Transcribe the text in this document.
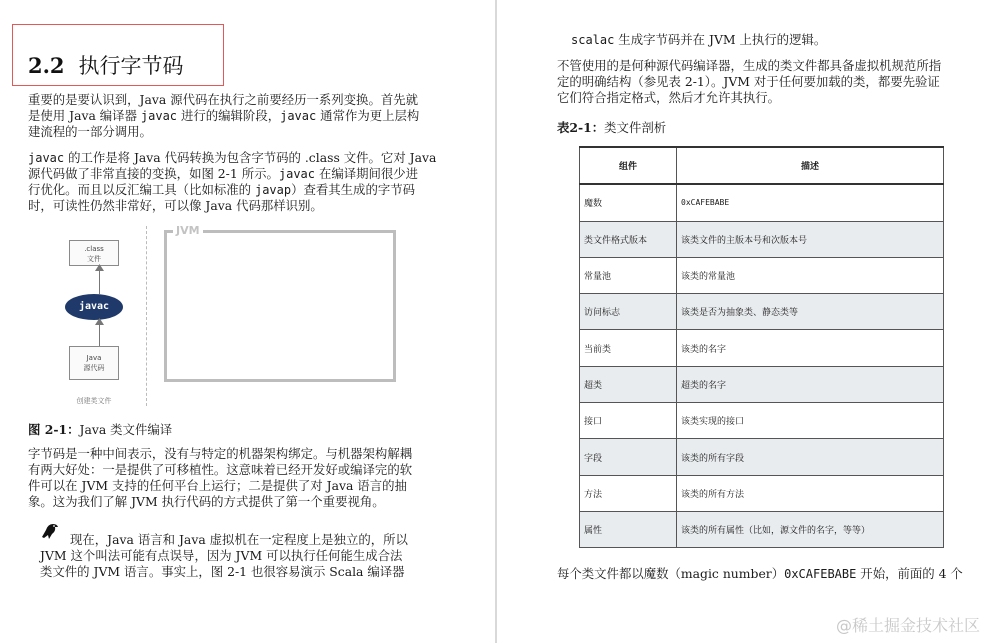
2.2 执行字节码

重要的是要认识到，Java 源代码在执行之前要经历一系列变换。首先就
是使用 Java 编译器 javac 进行的编辑阶段，javac 通常作为更上层构
建流程的一部分调用。

javac 的工作是将 Java 代码转换为包含字节码的 .class 文件。它对 Java
源代码做了非常直接的变换，如图 2-1 所示。javac 在编译期间很少进
行优化。而且以反汇编工具（比如标准的 javap）查看其生成的字节码
时，可读性仍然非常好，可以像 Java 代码那样识别。

.class
文件
javac
Java
源代码
创建类文件
JVM

图 2-1：Java 类文件编译

字节码是一种中间表示，没有与特定的机器架构绑定。与机器架构解耦
有两大好处：一是提供了可移植性。这意味着已经开发好或编译完的软
件可以在 JVM 支持的任何平台上运行；二是提供了对 Java 语言的抽
象。这为我们了解 JVM 执行代码的方式提供了第一个重要视角。

现在，Java 语言和 Java 虚拟机在一定程度上是独立的，所以

JVM 这个叫法可能有点误导，因为 JVM 可以执行任何能生成合法

类文件的 JVM 语言。事实上，图 2-1 也很容易演示 Scala 编译器

scalac 生成字节码并在 JVM 上执行的逻辑。

不管使用的是何种源代码编译器，生成的类文件都具备虚拟机规范所指
定的明确结构（参见表 2-1）。JVM 对于任何要加载的类，都要先验证
它们符合指定格式，然后才允许其执行。

表2-1：类文件剖析

组件	描述
魔数	0xCAFEBABE
类文件格式版本	该类文件的主版本号和次版本号
常量池	该类的常量池
访问标志	该类是否为抽象类、静态类等
当前类	该类的名字
超类	超类的名字
接口	该类实现的接口
字段	该类的所有字段
方法	该类的所有方法
属性	该类的所有属性（比如，源文件的名字，等等）

每个类文件都以魔数（magic number）0xCAFEBABE 开始，前面的 4 个

@稀土掘金技术社区
